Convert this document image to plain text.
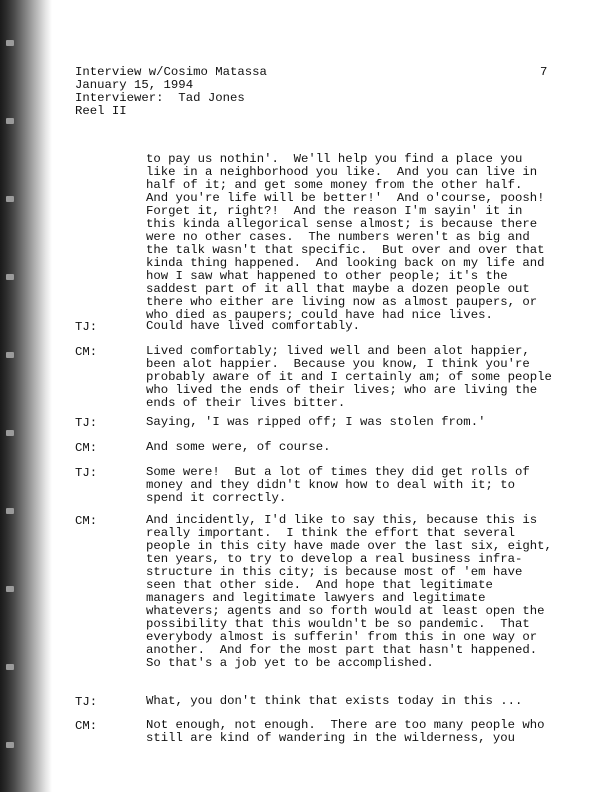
Interview w/Cosimo Matassa
January 15, 1994
Interviewer:  Tad Jones
Reel II
7
to pay us nothin'.  We'll help you find a place you
like in a neighborhood you like.  And you can live in
half of it; and get some money from the other half.
And you're life will be better!'  And o'course, poosh!
Forget it, right?!  And the reason I'm sayin' it in
this kinda allegorical sense almost; is because there
were no other cases.  The numbers weren't as big and
the talk wasn't that specific.  But over and over that
kinda thing happened.  And looking back on my life and
how I saw what happened to other people; it's the
saddest part of it all that maybe a dozen people out
there who either are living now as almost paupers, or
who died as paupers; could have had nice lives.
TJ:	Could have lived comfortably.
CM:	Lived comfortably; lived well and been alot happier,
been alot happier.  Because you know, I think you're
probably aware of it and I certainly am; of some people
who lived the ends of their lives; who are living the
ends of their lives bitter.
TJ:	Saying, 'I was ripped off; I was stolen from.'
CM:	And some were, of course.
TJ:	Some were!  But a lot of times they did get rolls of
money and they didn't know how to deal with it; to
spend it correctly.
CM:	And incidently, I'd like to say this, because this is
really important.  I think the effort that several
people in this city have made over the last six, eight,
ten years, to try to develop a real business infra-
structure in this city; is because most of 'em have
seen that other side.  And hope that legitimate
managers and legitimate lawyers and legitimate
whatevers; agents and so forth would at least open the
possibility that this wouldn't be so pandemic.  That
everybody almost is sufferin' from this in one way or
another.  And for the most part that hasn't happened.
So that's a job yet to be accomplished.
TJ:	What, you don't think that exists today in this ...
CM:	Not enough, not enough.  There are too many people who
still are kind of wandering in the wilderness, you
